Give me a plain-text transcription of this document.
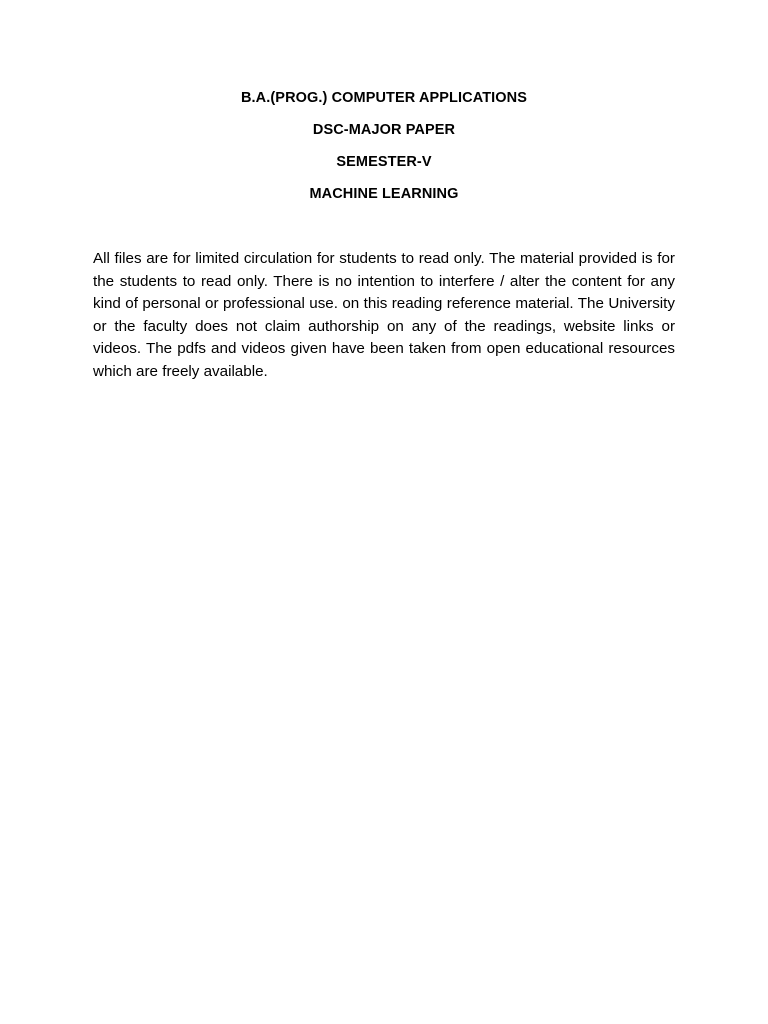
B.A.(PROG.) COMPUTER APPLICATIONS

DSC-MAJOR PAPER

SEMESTER-V

MACHINE LEARNING

All files are for limited circulation for students to read only. The material provided is for the students to read only. There is no intention to interfere / alter the content for any kind of personal or professional use. on this reading reference material. The University or the faculty does not claim authorship on any of the readings, website links or videos. The pdfs and videos given have been taken from open educational resources which are freely available.
